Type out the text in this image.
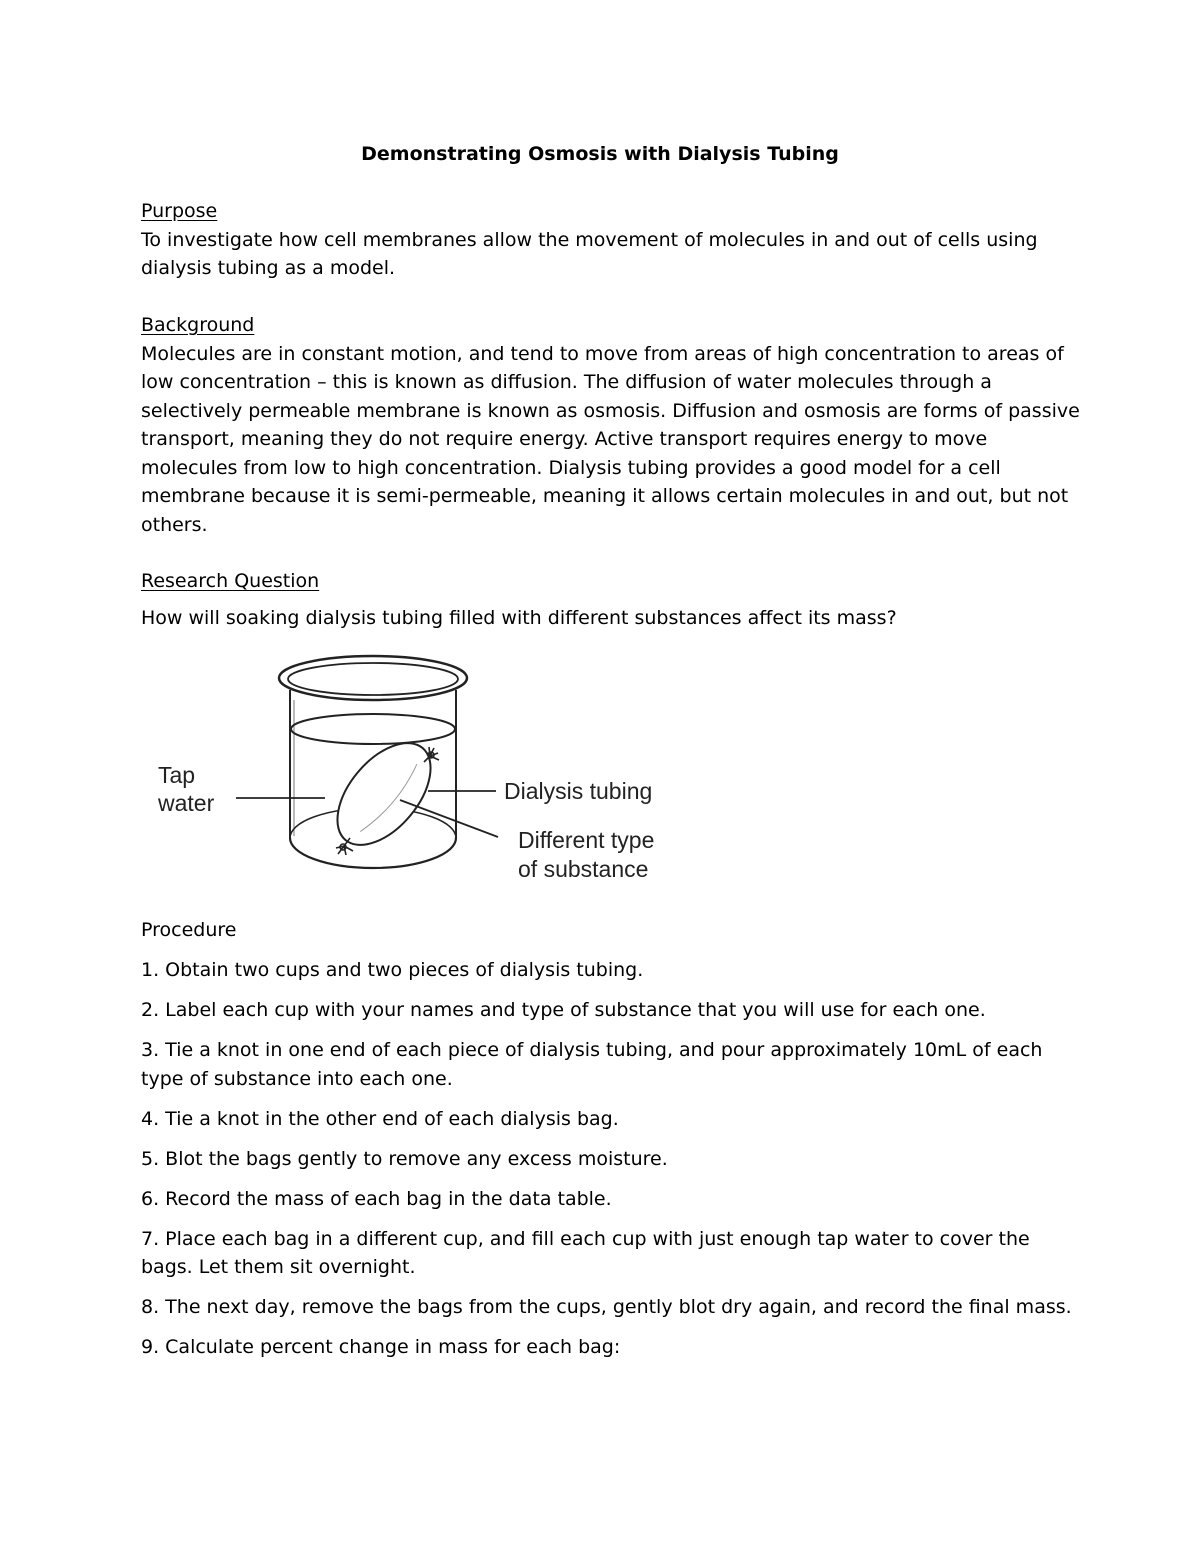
Demonstrating Osmosis with Dialysis Tubing
Purpose

To investigate how cell membranes allow the movement of molecules in and out of cells using dialysis tubing as a model.

Background

Molecules are in constant motion, and tend to move from areas of high concentration to areas of low concentration – this is known as diffusion. The diffusion of water molecules through a selectively permeable membrane is known as osmosis. Diffusion and osmosis are forms of passive transport, meaning they do not require energy. Active transport requires energy to move molecules from low to high concentration. Dialysis tubing provides a good model for a cell membrane because it is semi-permeable, meaning it allows certain molecules in and out, but not others.

Research Question

How will soaking dialysis tubing filled with different substances affect its mass?

Tap
water	Dialysis tubing
Different type
of substance
Procedure

1. Obtain two cups and two pieces of dialysis tubing.

2. Label each cup with your names and type of substance that you will use for each one.

3. Tie a knot in one end of each piece of dialysis tubing, and pour approximately 10mL of each type of substance into each one.

4. Tie a knot in the other end of each dialysis bag.

5. Blot the bags gently to remove any excess moisture.

6. Record the mass of each bag in the data table.

7. Place each bag in a different cup, and fill each cup with just enough tap water to cover the bags. Let them sit overnight.

8. The next day, remove the bags from the cups, gently blot dry again, and record the final mass.

9. Calculate percent change in mass for each bag:
